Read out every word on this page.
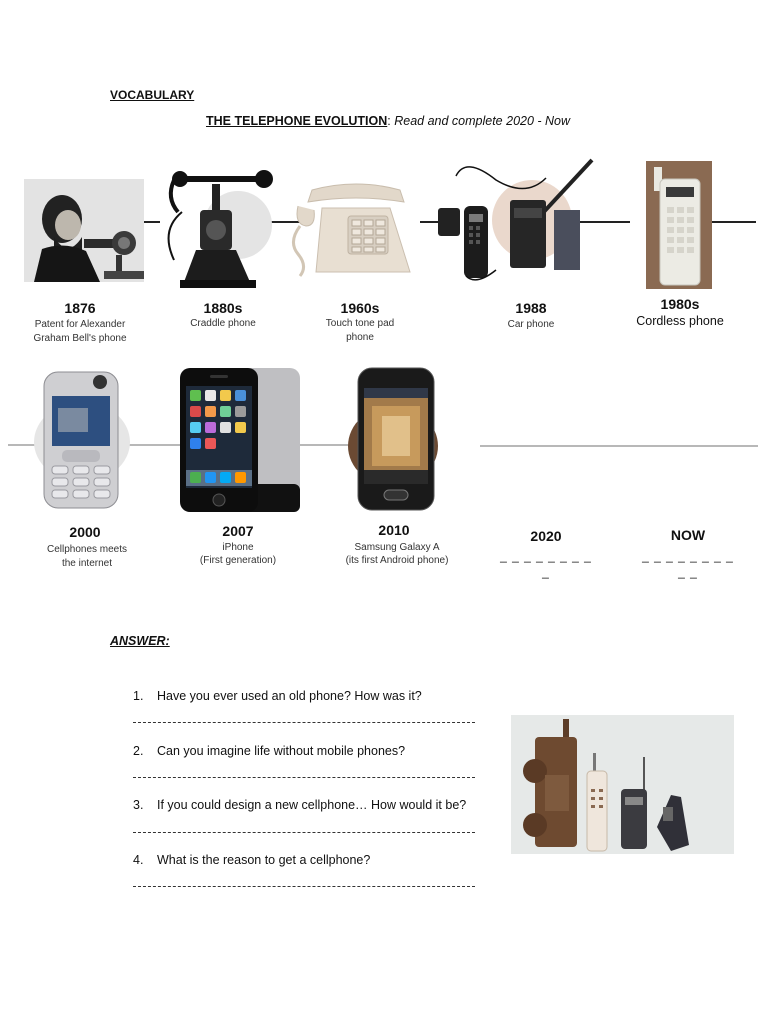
VOCABULARY
THE TELEPHONE EVOLUTION: Read and complete 2020 - Now
1876
Patent for Alexander
Graham Bell's phone
1880s
Craddle phone
1960s
Touch tone pad
phone
1988
Car phone
1980s
Cordless phone
2000
Cellphones meets
the internet
2007
iPhone
(First generation)
2010
Samsung Galaxy A
(its first Android phone)
2020
_ _ _ _ _ _ _ _
_
NOW
_ _ _ _ _ _ _ _
_ _
ANSWER:
1. Have you ever used an old phone? How was it?
2. Can you imagine life without mobile phones?
3. If you could design a new cellphone… How would it be?
4. What is the reason to get a cellphone?
